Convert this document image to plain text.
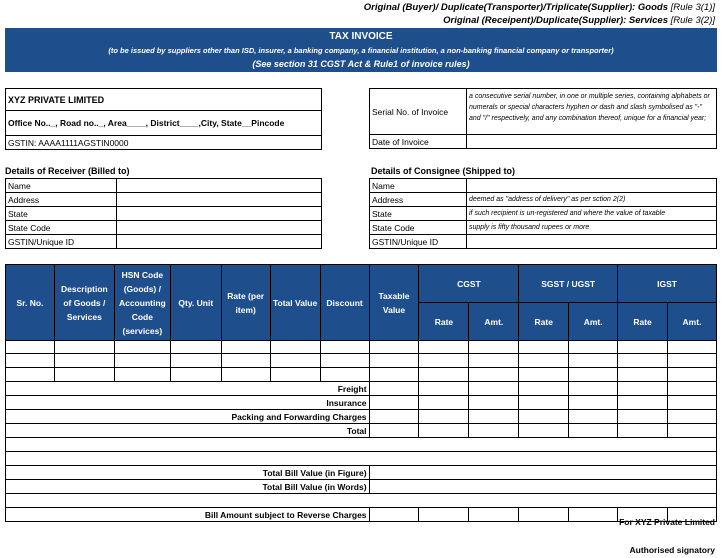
Original (Buyer)/ Duplicate(Transporter)/Triplicate(Supplier): Goods [Rule 3(1)]
Original (Receipent)/Duplicate(Supplier): Services [Rule 3(2)]
TAX INVOICE
(to be issued by suppliers other than ISD, insurer, a banking company, a financial institution, a non-banking financial company or transporter)
(See section 31 CGST Act & Rule1 of invoice rules)
XYZ PRIVATE LIMITED
Office No.._, Road no.._, Area____, District____,City, State__Pincode
GSTIN: AAAA1111AGSTIN0000
Serial No. of Invoice	a consecutive serial number, in one or multiple series, containing alphabets or numerals or special characters hyphen or dash and slash symbolised as "-" and "/" respectively, and any combination thereof, unique for a financial year;
Date of Invoice	
Details of Receiver (Billed to)
Name	
Address	
State	
State Code	
GSTIN/Unique ID	
Details of Consignee (Shipped to)
Name	
Address	deemed as "address of delivery" as per sction 2(2)
State	if such recipient is un-registered and where the value of taxable
State Code	supply is fifty thousand rupees or more
GSTIN/Unique ID	
Sr. No.	Description of Goods / Services	HSN Code (Goods) / Accounting Code (services)	Qty. Unit	Rate (per item)	Total Value	Discount	Taxable Value	CGST		SGST / UGST		IGST	
								Rate	Amt.	Rate	Amt.	Rate	Amt.

Freight													
Insurance													
Packing and Forwarding Charges													
Total													

Total Bill Value (in Figure)													
Total Bill Value (in Words)													

Bill Amount subject to Reverse Charges													
For XYZ Private Limited
Authorised signatory
